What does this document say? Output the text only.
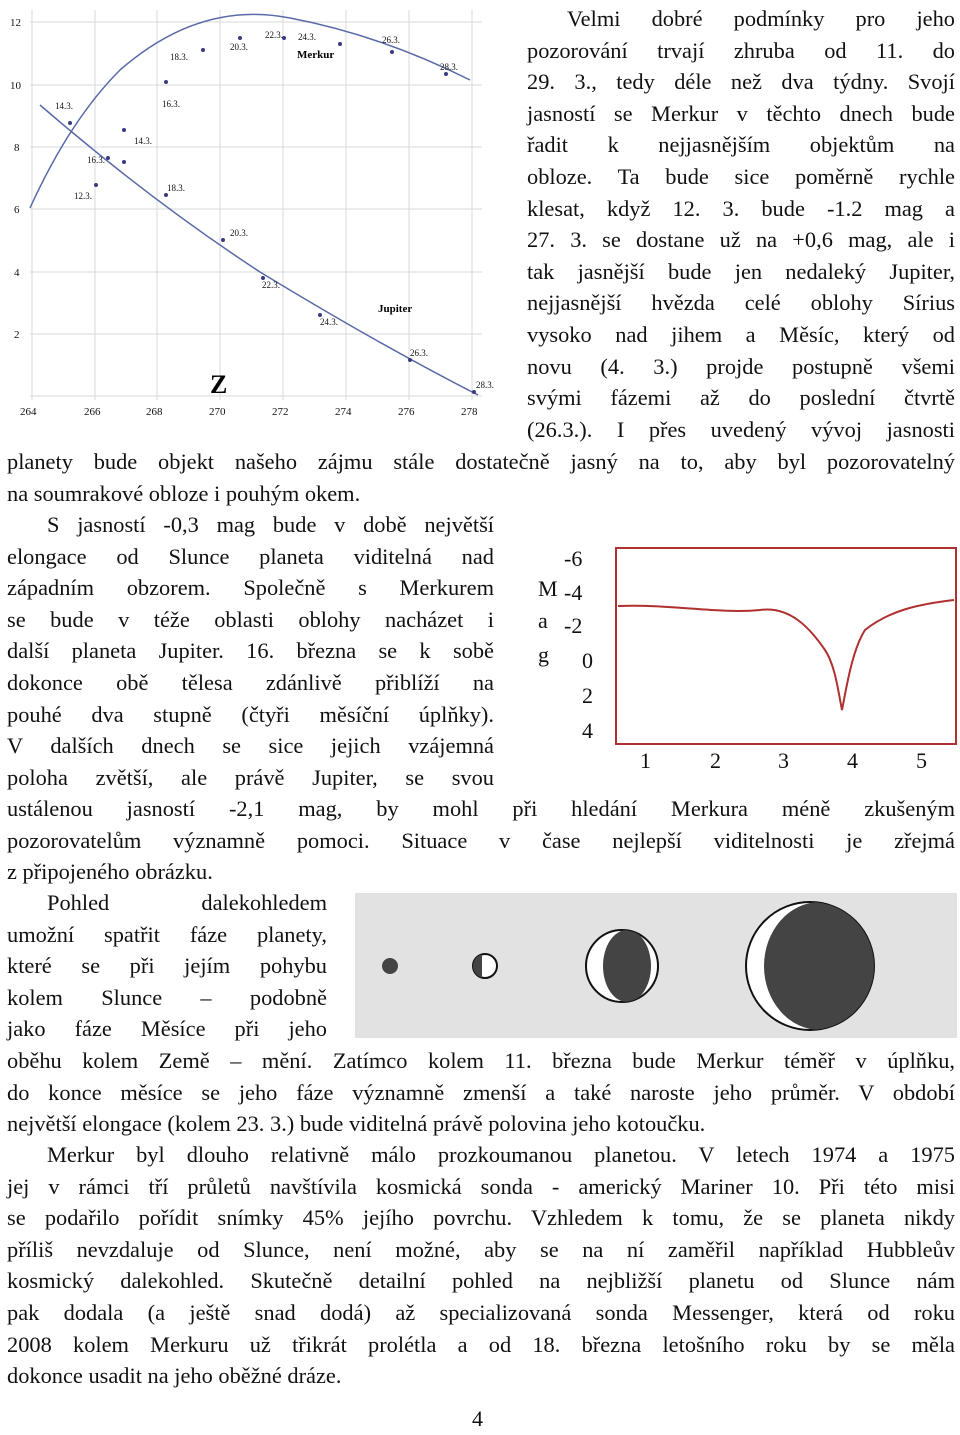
12
10
8
6
4
2
264	266	268	270	272	274	276	278
Z
12.3.
14.3.
16.3.
18.3.
20.3.
22.3. 24.3.	26.3.
28.3.
14.3.	16.3.
18.3.
20.3.
22.3.
24.3.
26.3.
28.3.
Merkur
Jupiter
M
a
g
-6
-4
-2
0
2
4
1	2	3	4	5
Velmi dobré podmínky pro jeho
pozorování trvají zhruba od 11. do
29. 3., tedy déle než dva týdny. Svojí
jasností se Merkur v těchto dnech bude
řadit k nejjasnějším objektům na
obloze. Ta bude sice poměrně rychle
klesat, když 12. 3. bude -1.2 mag a
27. 3. se dostane už na +0,6 mag, ale i
tak jasnější bude jen nedaleký Jupiter,
nejjasnější hvězda celé oblohy Sírius
vysoko nad jihem a Měsíc, který od
novu (4. 3.) projde postupně všemi
svými fázemi až do poslední čtvrtě
(26.3.). I přes uvedený vývoj jasnosti
planety bude objekt našeho zájmu stále dostatečně jasný na to, aby byl pozorovatelný
na soumrakové obloze i pouhým okem.
S jasností -0,3 mag bude v době největší
elongace od Slunce planeta viditelná nad
západním obzorem. Společně s Merkurem
se bude v téže oblasti oblohy nacházet i
další planeta Jupiter. 16. března se k sobě
dokonce obě tělesa zdánlivě přiblíží na
pouhé dva stupně (čtyři měsíční úplňky).
V dalších dnech se sice jejich vzájemná
poloha zvětší, ale právě Jupiter, se svou
ustálenou jasností -2,1 mag, by mohl při hledání Merkura méně zkušeným
pozorovatelům významně pomoci. Situace v čase nejlepší viditelnosti je zřejmá
z připojeného obrázku.
Pohled dalekohledem
umožní spatřit fáze planety,
které se při jejím pohybu
kolem Slunce – podobně
jako fáze Měsíce při jeho
oběhu kolem Země – mění. Zatímco kolem 11. března bude Merkur téměř v úplňku,
do konce měsíce se jeho fáze významně zmenší a také naroste jeho průměr. V období
největší elongace (kolem 23. 3.) bude viditelná právě polovina jeho kotoučku.
Merkur byl dlouho relativně málo prozkoumanou planetou. V letech 1974 a 1975
jej v rámci tří průletů navštívila kosmická sonda - americký Mariner 10. Při této misi
se podařilo pořídit snímky 45% jejího povrchu. Vzhledem k tomu, že se planeta nikdy
příliš nevzdaluje od Slunce, není možné, aby se na ní zaměřil například Hubbleův
kosmický dalekohled. Skutečně detailní pohled na nejbližší planetu od Slunce nám
pak dodala (a ještě snad dodá) až specializovaná sonda Messenger, která od roku
2008 kolem Merkuru už třikrát prolétla a od 18. března letošního roku by se měla
dokonce usadit na jeho oběžné dráze.
4
